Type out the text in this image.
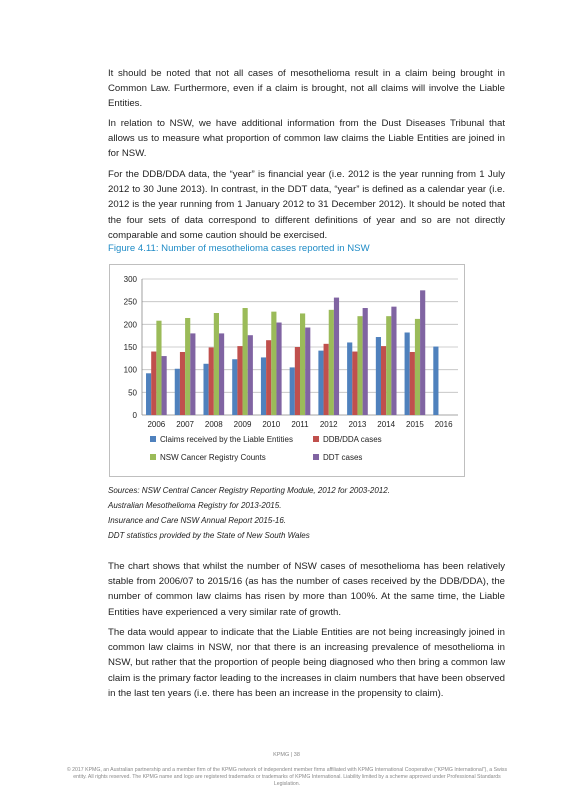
It should be noted that not all cases of mesothelioma result in a claim being brought in Common Law. Furthermore, even if a claim is brought, not all claims will involve the Liable Entities.

In relation to NSW, we have additional information from the Dust Diseases Tribunal that allows us to measure what proportion of common law claims the Liable Entities are joined in for NSW.

For the DDB/DDA data, the “year” is financial year (i.e. 2012 is the year running from 1 July 2012 to 30 June 2013). In contrast, in the DDT data, “year” is defined as a calendar year (i.e. 2012 is the year running from 1 January 2012 to 31 December 2012). It should be noted that the four sets of data correspond to different definitions of year and so are not directly comparable and some caution should be exercised.

Figure 4.11: Number of mesothelioma cases reported in NSW

0
50
100
150
200
250
300
2006 2007 2008 2009 2010 2011 2012 2013 2014 2015 2016
Claims received by the Liable Entities	DDB/DDA cases
NSW Cancer Registry Counts	DDT cases
Sources: NSW Central Cancer Registry Reporting Module, 2012 for 2003-2012.
Australian Mesothelioma Registry for 2013-2015.
Insurance and Care NSW Annual Report 2015-16.
DDT statistics provided by the State of New South Wales

The chart shows that whilst the number of NSW cases of mesothelioma has been relatively stable from 2006/07 to 2015/16 (as has the number of cases received by the DDB/DDA), the number of common law claims has risen by more than 100%. At the same time, the Liable Entities have experienced a very similar rate of growth.

The data would appear to indicate that the Liable Entities are not being increasingly joined in common law claims in NSW, nor that there is an increasing prevalence of mesothelioma in NSW, but rather that the proportion of people being diagnosed who then bring a common law claim is the primary factor leading to the increases in claim numbers that have been observed in the last ten years (i.e. there has been an increase in the propensity to claim).

KPMG | 38
© 2017 KPMG, an Australian partnership and a member firm of the KPMG network of independent member firms affiliated with KPMG International Cooperative (“KPMG International”), a Swiss entity. All rights reserved. The KPMG name and logo are registered trademarks or trademarks of KPMG International. Liability limited by a scheme approved under Professional Standards Legislation.
